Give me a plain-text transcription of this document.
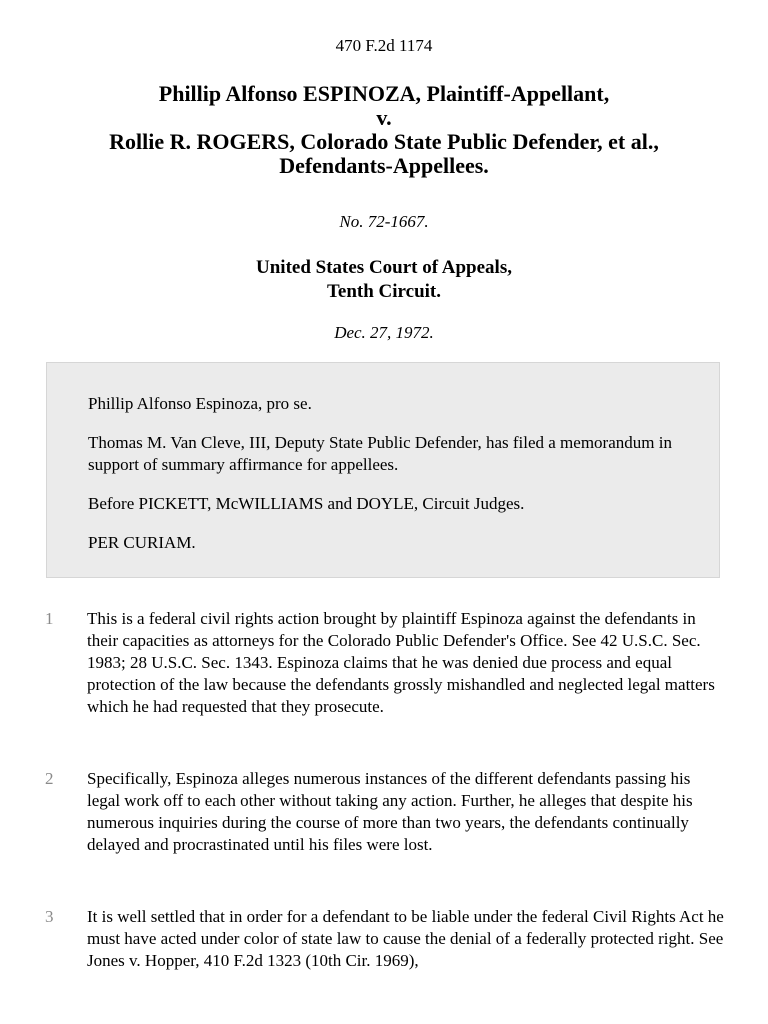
470 F.2d 1174
Phillip Alfonso ESPINOZA, Plaintiff-Appellant,
v.
Rollie R. ROGERS, Colorado State Public Defender, et al.,
Defendants-Appellees.
No. 72-1667.
United States Court of Appeals,
Tenth Circuit.
Dec. 27, 1972.

Phillip Alfonso Espinoza, pro se.

Thomas M. Van Cleve, III, Deputy State Public Defender, has filed a memorandum in support of summary affirmance for appellees.

Before PICKETT, McWILLIAMS and DOYLE, Circuit Judges.

PER CURIAM.

1 This is a federal civil rights action brought by plaintiff Espinoza against the defendants in their capacities as attorneys for the Colorado Public Defender's Office. See 42 U.S.C. Sec. 1983; 28 U.S.C. Sec. 1343. Espinoza claims that he was denied due process and equal protection of the law because the defendants grossly mishandled and neglected legal matters which he had requested that they prosecute.
2 Specifically, Espinoza alleges numerous instances of the different defendants passing his legal work off to each other without taking any action. Further, he alleges that despite his numerous inquiries during the course of more than two years, the defendants continually delayed and procrastinated until his files were lost.
3 It is well settled that in order for a defendant to be liable under the federal Civil Rights Act he must have acted under color of state law to cause the denial of a federally protected right. See Jones v. Hopper, 410 F.2d 1323 (10th Cir. 1969),
